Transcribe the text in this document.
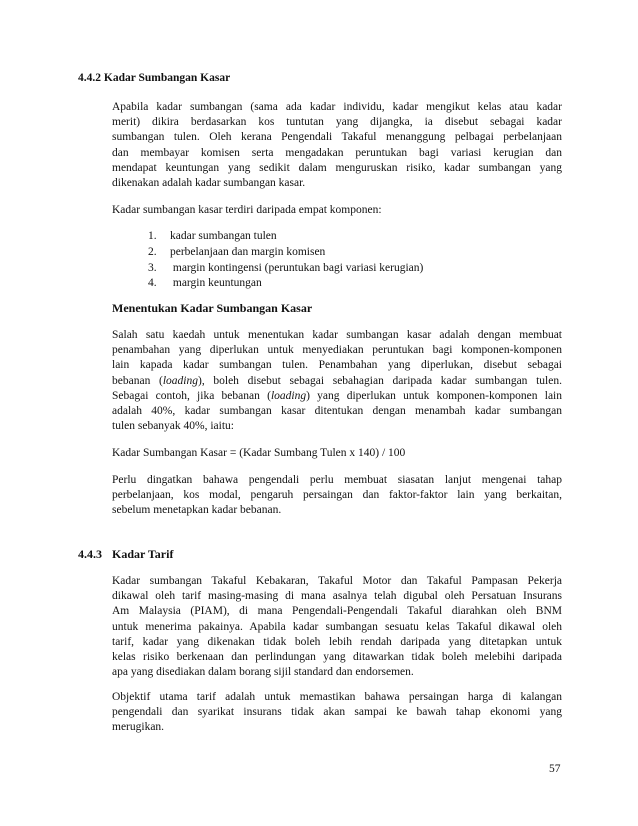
4.4.2 Kadar Sumbangan Kasar
Apabila kadar sumbangan (sama ada kadar individu, kadar mengikut kelas atau kadar
merit) dikira berdasarkan kos tuntutan yang dijangka, ia disebut sebagai kadar
sumbangan tulen. Oleh kerana Pengendali Takaful menanggung pelbagai perbelanjaan
dan membayar komisen serta mengadakan peruntukan bagi variasi kerugian dan
mendapat keuntungan yang sedikit dalam menguruskan risiko, kadar sumbangan yang
dikenakan adalah kadar sumbangan kasar.
Kadar sumbangan kasar terdiri daripada empat komponen:
1. kadar sumbangan tulen
2. perbelanjaan dan margin komisen
3. margin kontingensi (peruntukan bagi variasi kerugian)
4. margin keuntungan
Menentukan Kadar Sumbangan Kasar
Salah satu kaedah untuk menentukan kadar sumbangan kasar adalah dengan membuat
penambahan yang diperlukan untuk menyediakan peruntukan bagi komponen-komponen
lain kapada kadar sumbangan tulen. Penambahan yang diperlukan, disebut sebagai
bebanan (loading), boleh disebut sebagai sebahagian daripada kadar sumbangan tulen.
Sebagai contoh, jika bebanan (loading) yang diperlukan untuk komponen-komponen lain
adalah 40%, kadar sumbangan kasar ditentukan dengan menambah kadar sumbangan
tulen sebanyak 40%, iaitu:
Kadar Sumbangan Kasar = (Kadar Sumbang Tulen x 140) / 100
Perlu dingatkan bahawa pengendali perlu membuat siasatan lanjut mengenai tahap
perbelanjaan, kos modal, pengaruh persaingan dan faktor-faktor lain yang berkaitan,
sebelum menetapkan kadar bebanan.
4.4.3 Kadar Tarif
Kadar sumbangan Takaful Kebakaran, Takaful Motor dan Takaful Pampasan Pekerja
dikawal oleh tarif masing-masing di mana asalnya telah digubal oleh Persatuan Insurans
Am Malaysia (PIAM), di mana Pengendali-Pengendali Takaful diarahkan oleh BNM
untuk menerima pakainya. Apabila kadar sumbangan sesuatu kelas Takaful dikawal oleh
tarif, kadar yang dikenakan tidak boleh lebih rendah daripada yang ditetapkan untuk
kelas risiko berkenaan dan perlindungan yang ditawarkan tidak boleh melebihi daripada
apa yang disediakan dalam borang sijil standard dan endorsemen.
Objektif utama tarif adalah untuk memastikan bahawa persaingan harga di kalangan
pengendali dan syarikat insurans tidak akan sampai ke bawah tahap ekonomi yang
merugikan.
57
